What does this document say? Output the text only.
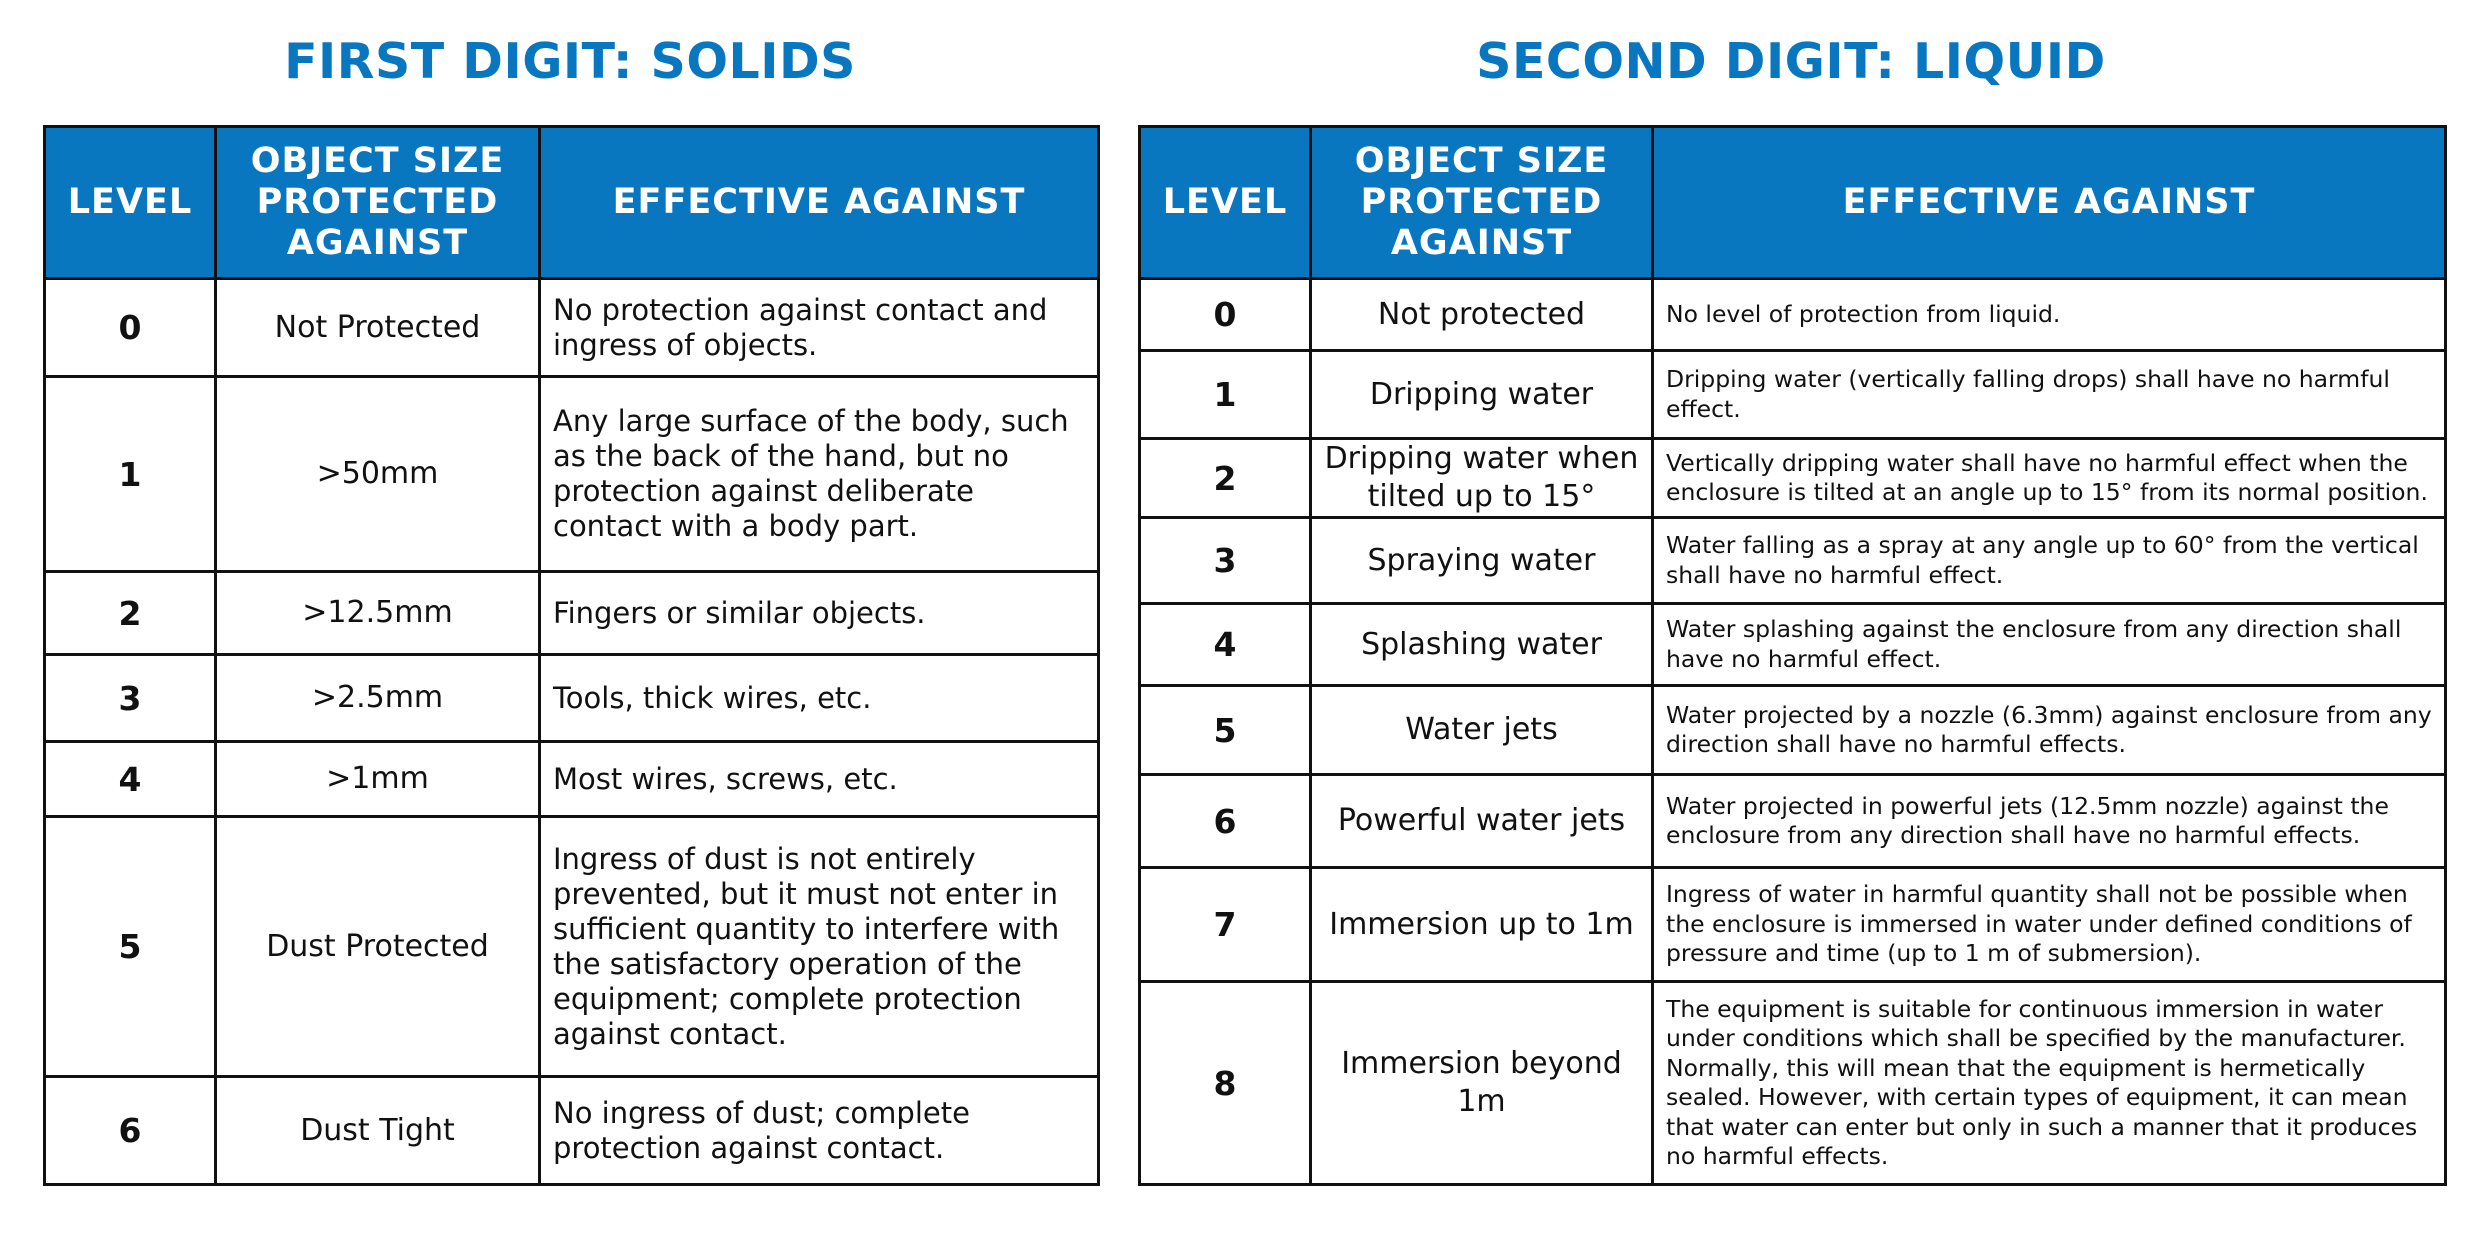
FIRST DIGIT: SOLIDS	SECOND DIGIT: LIQUID
LEVEL	OBJECT SIZE PROTECTED AGAINST	EFFECTIVE AGAINST
0	Not Protected	No protection against contact and ingress of objects.
1	>50mm	Any large surface of the body, such as the back of the hand, but no protection against deliberate contact with a body part.
2	>12.5mm	Fingers or similar objects.
3	>2.5mm	Tools, thick wires, etc.
4	>1mm	Most wires, screws, etc.
5	Dust Protected	Ingress of dust is not entirely prevented, but it must not enter in sufficient quantity to interfere with the satisfactory operation of the equipment; complete protection against contact.
6	Dust Tight	No ingress of dust; complete protection against contact.
LEVEL	OBJECT SIZE PROTECTED AGAINST	EFFECTIVE AGAINST
0	Not protected	No level of protection from liquid.
1	Dripping water	Dripping water (vertically falling drops) shall have no harmful effect.
2	Dripping water when tilted up to 15°	Vertically dripping water shall have no harmful effect when the enclosure is tilted at an angle up to 15° from its normal position.
3	Spraying water	Water falling as a spray at any angle up to 60° from the vertical shall have no harmful effect.
4	Splashing water	Water splashing against the enclosure from any direction shall have no harmful effect.
5	Water jets	Water projected by a nozzle (6.3mm) against enclosure from any direction shall have no harmful effects.
6	Powerful water jets	Water projected in powerful jets (12.5mm nozzle) against the enclosure from any direction shall have no harmful effects.
7	Immersion up to 1m	Ingress of water in harmful quantity shall not be possible when the enclosure is immersed in water under defined conditions of pressure and time (up to 1 m of submersion).
8	Immersion beyond 1m	The equipment is suitable for continuous immersion in water under conditions which shall be specified by the manufacturer. Normally, this will mean that the equipment is hermetically sealed. However, with certain types of equipment, it can mean that water can enter but only in such a manner that it produces no harmful effects.
